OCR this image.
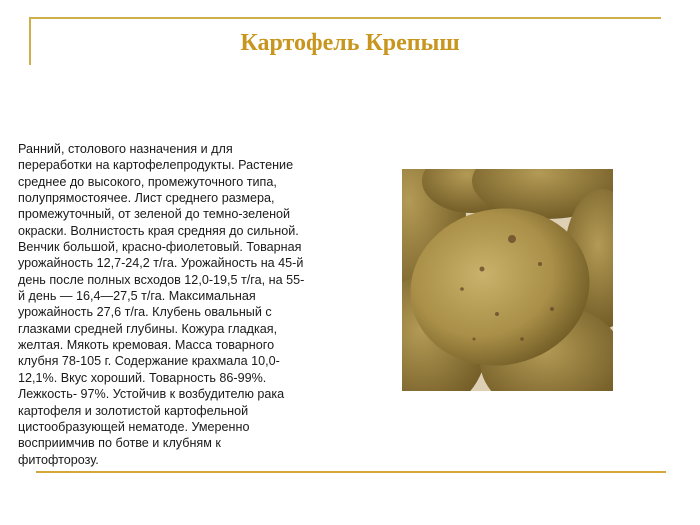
Картофель Крепыш
Ранний, столового назначения и для
переработки на картофелепродукты. Растение
среднее до высокого, промежуточного типа,
полупрямостоячее. Лист среднего размера,
промежуточный, от зеленой до темно-зеленой
окраски. Волнистость края средняя до сильной.
Венчик большой, красно-фиолетовый. Товарная
урожайность 12,7-24,2 т/га. Урожайность на 45-й
день после полных всходов 12,0-19,5 т/га, на 55-
й день — 16,4—27,5 т/га. Максимальная
урожайность 27,6 т/га. Клубень овальный с
глазками средней глубины. Кожура гладкая,
желтая. Мякоть кремовая. Масса товарного
клубня 78-105 г. Содержание крахмала 10,0-
12,1%. Вкус хороший. Товарность 86-99%.
Лежкость- 97%. Устойчив к возбудителю рака
картофеля и золотистой картофельной
цистообразующей нематоде. Умеренно
восприимчив по ботве и клубням к
фитофторозу.
